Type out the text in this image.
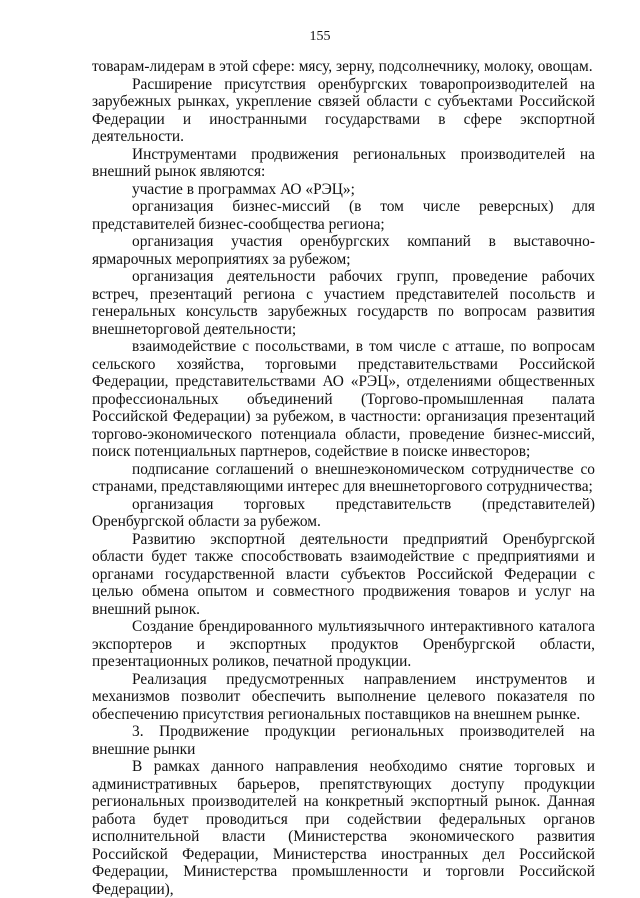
155

товарам-лидерам в этой сфере: мясу, зерну, подсолнечнику, молоку, овощам.

Расширение присутствия оренбургских товаропроизводителей на зарубежных рынках, укрепление связей области с субъектами Российской Федерации и иностранными государствами в сфере экспортной деятельности.

Инструментами продвижения региональных производителей на внешний рынок являются:

участие в программах АО «РЭЦ»;

организация бизнес-миссий (в том числе реверсных) для представителей бизнес-сообщества региона;

организация участия оренбургских компаний в выставочно-ярмарочных мероприятиях за рубежом;

организация деятельности рабочих групп, проведение рабочих встреч, презентаций региона с участием представителей посольств и генеральных консульств зарубежных государств по вопросам развития внешнеторговой деятельности;

взаимодействие с посольствами, в том числе с атташе, по вопросам сельского хозяйства, торговыми представительствами Российской Федерации, представительствами АО «РЭЦ», отделениями общественных профессиональных объединений (Торгово-промышленная палата Российской Федерации) за рубежом, в частности: организация презентаций торгово-экономического потенциала области, проведение бизнес-миссий, поиск потенциальных партнеров, содействие в поиске инвесторов;

подписание соглашений о внешнеэкономическом сотрудничестве со странами, представляющими интерес для внешнеторгового сотрудничества;

организация торговых представительств (представителей) Оренбургской области за рубежом.

Развитию экспортной деятельности предприятий Оренбургской области будет также способствовать взаимодействие с предприятиями и органами государственной власти субъектов Российской Федерации с целью обмена опытом и совместного продвижения товаров и услуг на внешний рынок.

Создание брендированного мультиязычного интерактивного каталога экспортеров и экспортных продуктов Оренбургской области, презентационных роликов, печатной продукции.

Реализация предусмотренных направлением инструментов и механизмов позволит обеспечить выполнение целевого показателя по обеспечению присутствия региональных поставщиков на внешнем рынке.

3. Продвижение продукции региональных производителей на внешние рынки

В рамках данного направления необходимо снятие торговых и административных барьеров, препятствующих доступу продукции региональных производителей на конкретный экспортный рынок. Данная работа будет проводиться при содействии федеральных органов исполнительной власти (Министерства экономического развития Российской Федерации, Министерства иностранных дел Российской Федерации, Министерства промышленности и торговли Российской Федерации),
